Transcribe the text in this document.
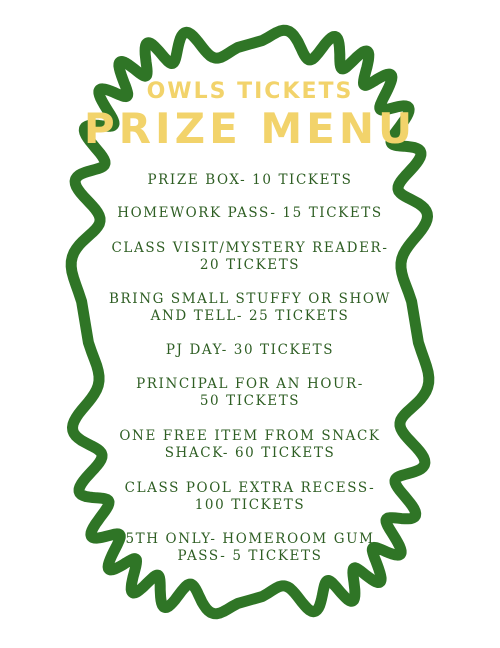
OWLS TICKETS
PRIZE MENU
PRIZE BOX- 10 TICKETS

HOMEWORK PASS- 15 TICKETS

CLASS VISIT/MYSTERY READER-
20 TICKETS
BRING SMALL STUFFY OR SHOW
AND TELL- 25 TICKETS
PJ DAY- 30 TICKETS

PRINCIPAL FOR AN HOUR-
50 TICKETS
ONE FREE ITEM FROM SNACK
SHACK- 60 TICKETS
CLASS POOL EXTRA RECESS-
100 TICKETS
5TH ONLY- HOMEROOM GUM
PASS- 5 TICKETS
